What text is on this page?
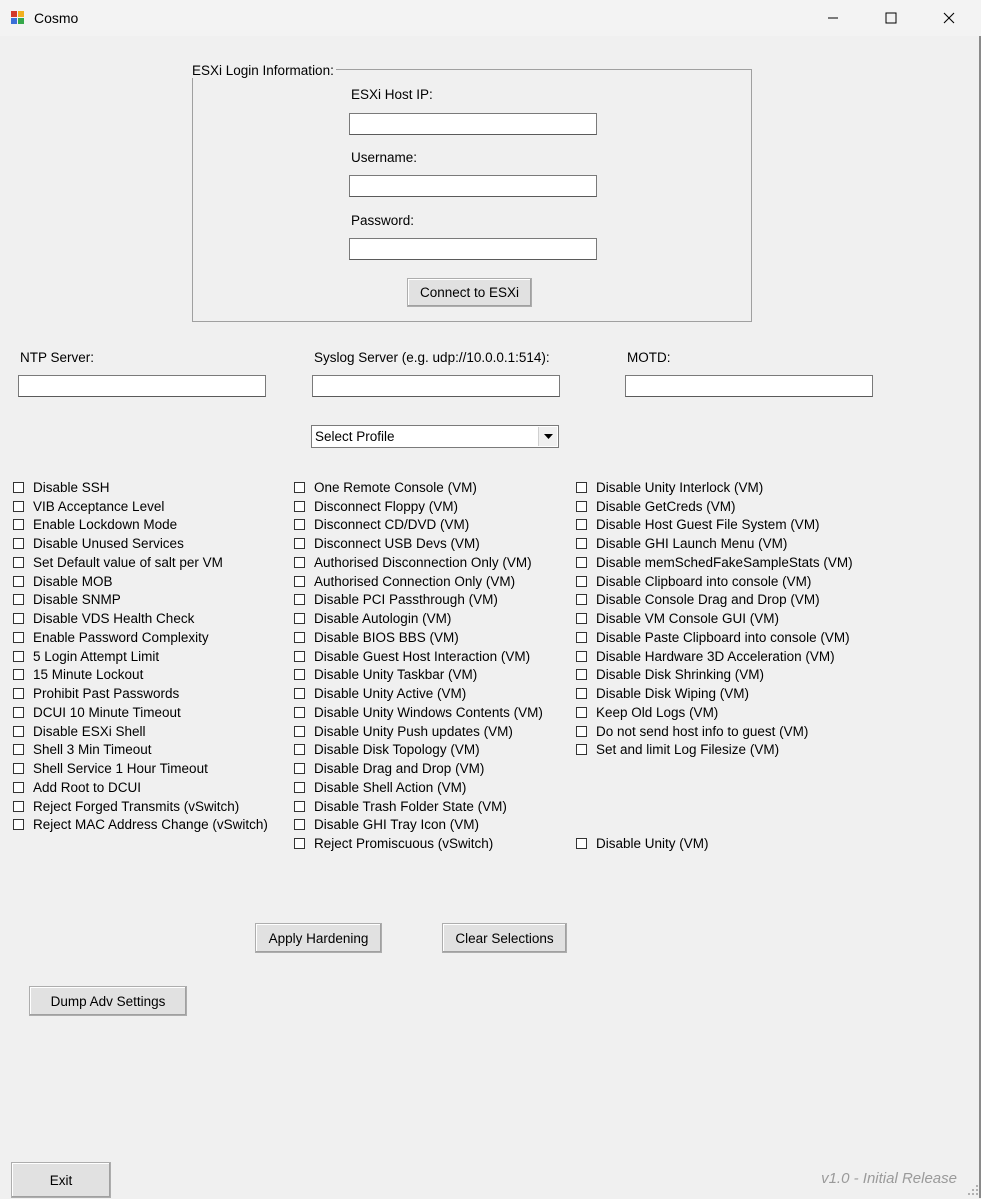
Cosmo
ESXi Login Information:
ESXi Host IP:
Username:
Password:
Connect to ESXi
NTP Server:	Syslog Server (e.g. udp://10.0.0.1:514):	MOTD:
Select Profile
Disable SSH
VIB Acceptance Level
Enable Lockdown Mode
Disable Unused Services
Set Default value of salt per VM
Disable MOB
Disable SNMP
Disable VDS Health Check
Enable Password Complexity
5 Login Attempt Limit
15 Minute Lockout
Prohibit Past Passwords
DCUI 10 Minute Timeout
Disable ESXi Shell
Shell 3 Min Timeout
Shell Service 1 Hour Timeout
Add Root to DCUI
Reject Forged Transmits (vSwitch)
Reject MAC Address Change (vSwitch)
One Remote Console (VM)
Disconnect Floppy (VM)
Disconnect CD/DVD (VM)
Disconnect USB Devs (VM)
Authorised Disconnection Only (VM)
Authorised Connection Only (VM)
Disable PCI Passthrough (VM)
Disable Autologin (VM)
Disable BIOS BBS (VM)
Disable Guest Host Interaction (VM)
Disable Unity Taskbar (VM)
Disable Unity Active (VM)
Disable Unity Windows Contents (VM)
Disable Unity Push updates (VM)
Disable Disk Topology (VM)
Disable Drag and Drop (VM)
Disable Shell Action (VM)
Disable Trash Folder State (VM)
Disable GHI Tray Icon (VM)
Reject Promiscuous (vSwitch)
Disable Unity Interlock (VM)
Disable GetCreds (VM)
Disable Host Guest File System (VM)
Disable GHI Launch Menu (VM)
Disable memSchedFakeSampleStats (VM)
Disable Clipboard into console (VM)
Disable Console Drag and Drop (VM)
Disable VM Console GUI (VM)
Disable Paste Clipboard into console (VM)
Disable Hardware 3D Acceleration (VM)
Disable Disk Shrinking (VM)
Disable Disk Wiping (VM)
Keep Old Logs (VM)
Do not send host info to guest (VM)
Set and limit Log Filesize (VM)
Disable Unity (VM)
Apply Hardening	Clear Selections
Dump Adv Settings
Exit	v1.0 - Initial Release
